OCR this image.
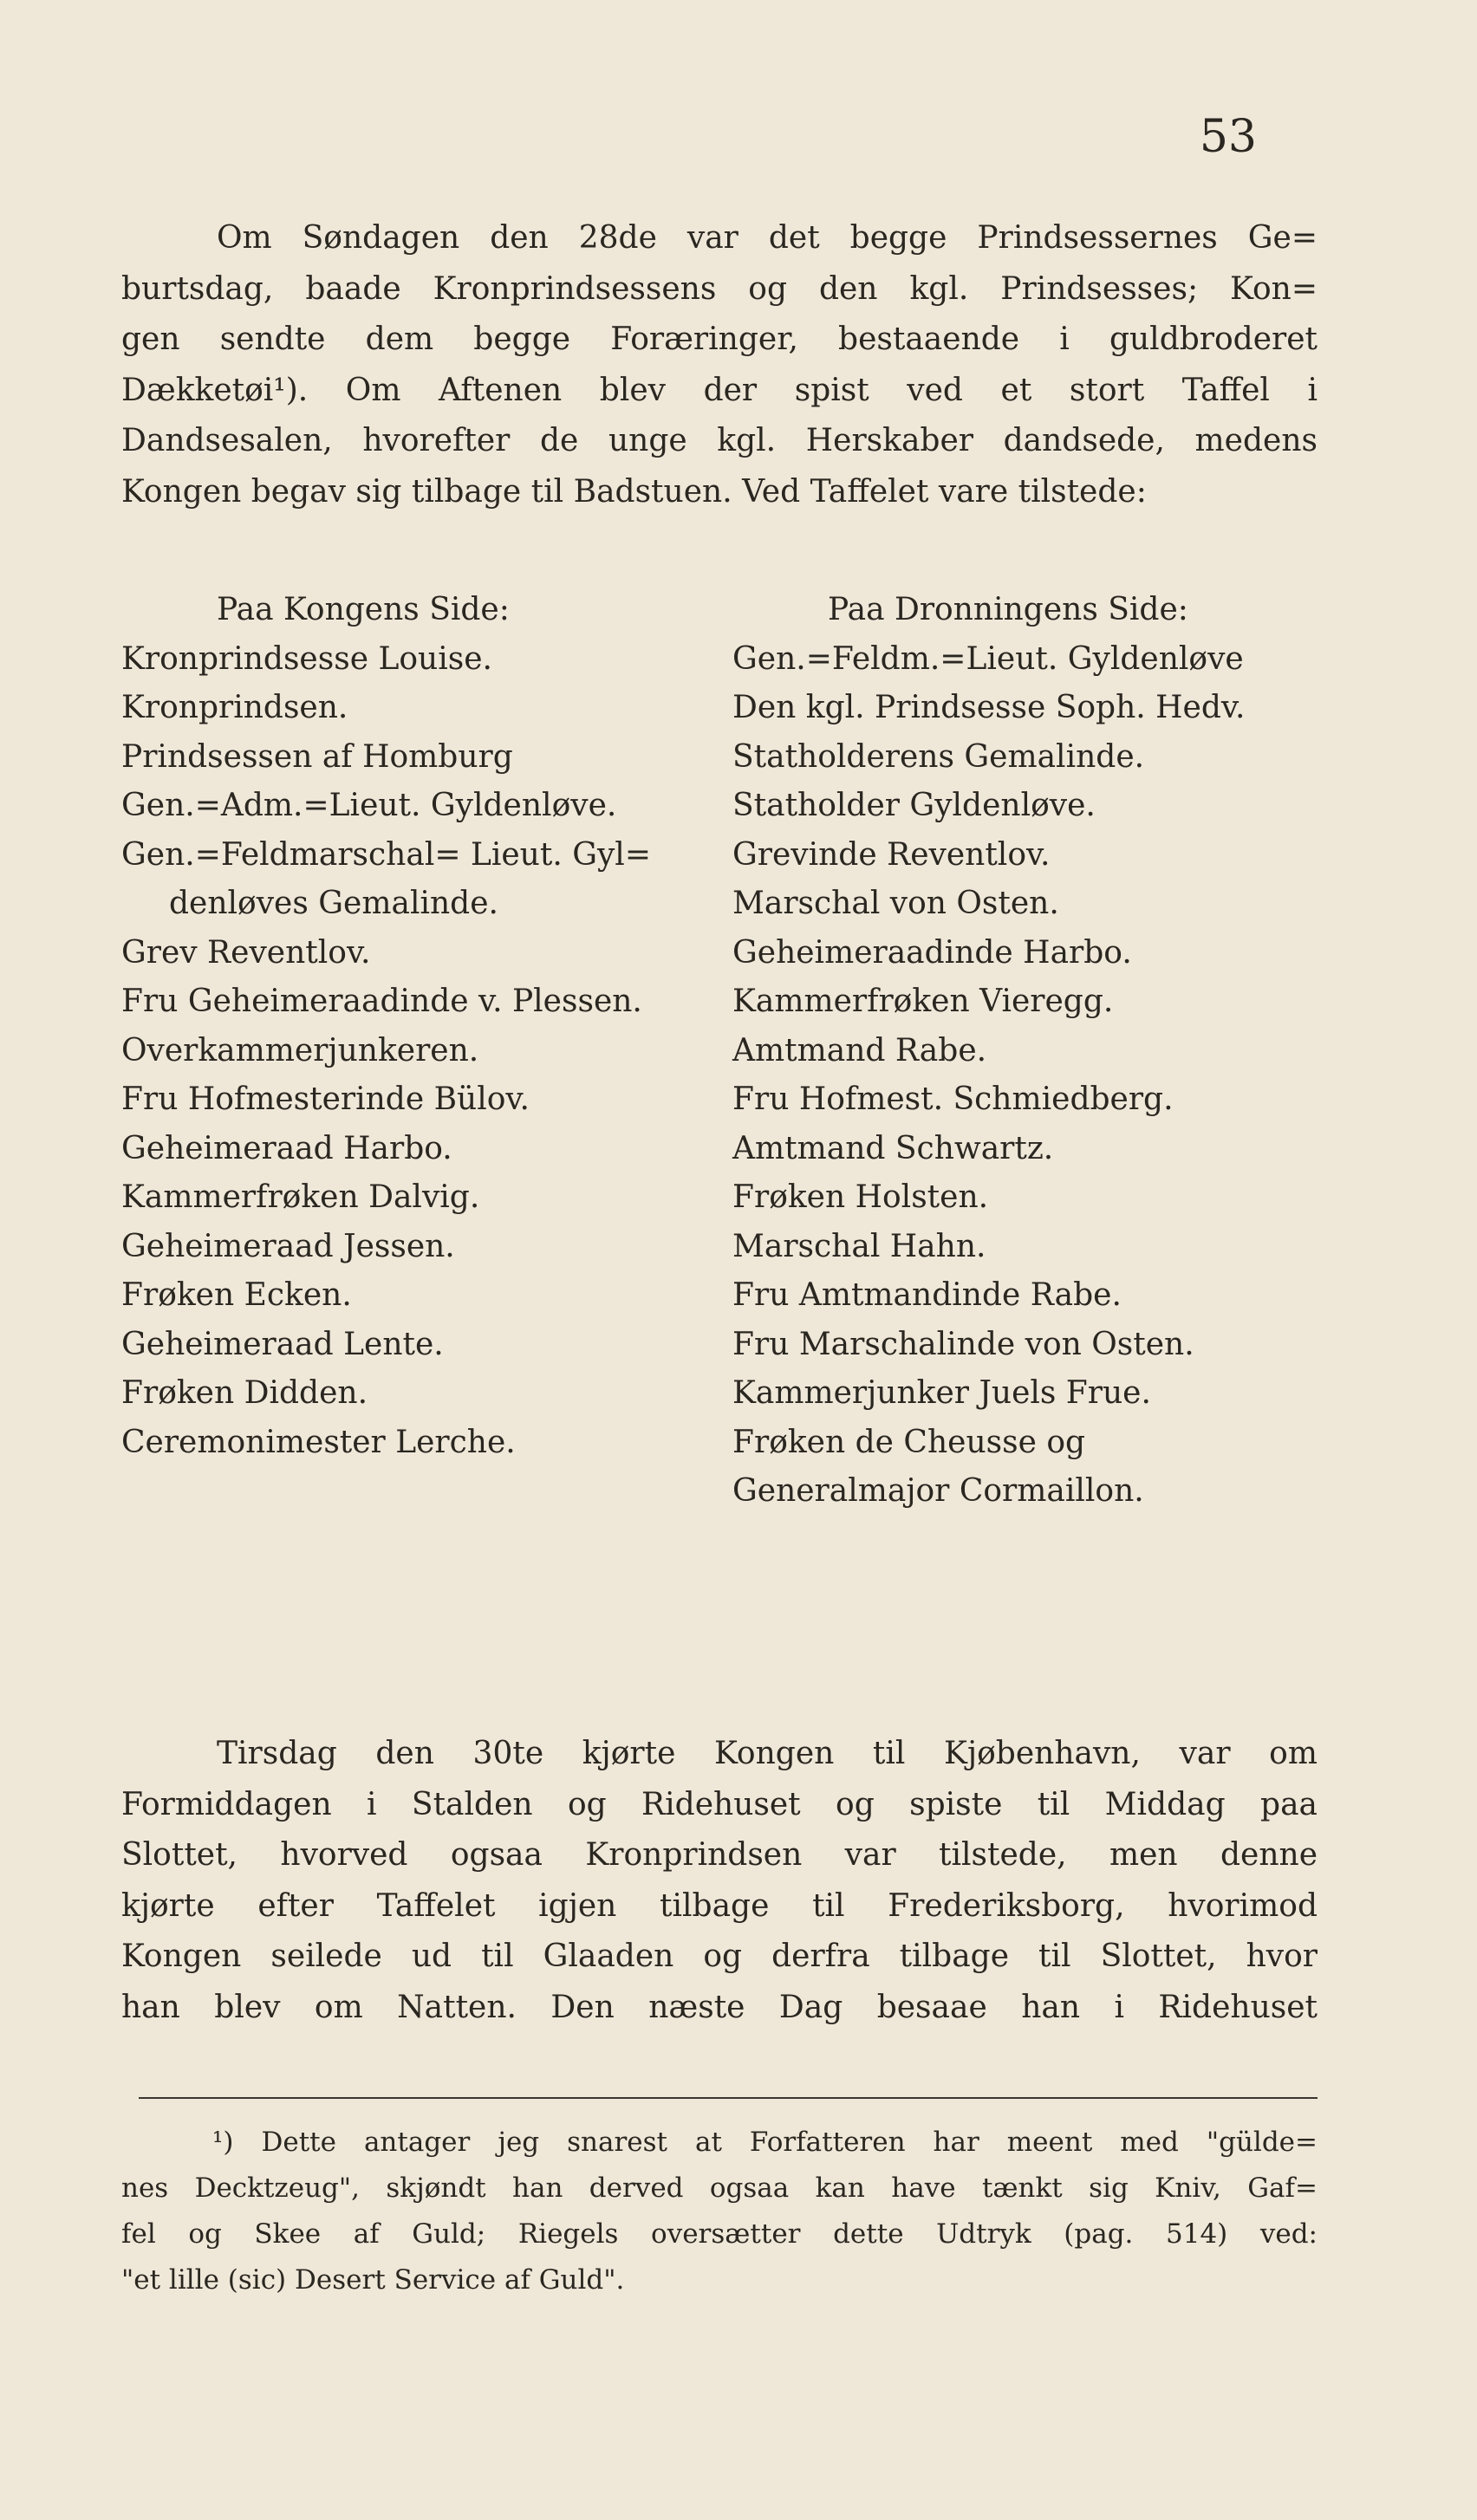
53
Om Søndagen den 28de var det begge Prindsessernes Ge=
burtsdag, baade Kronprindsessens og den kgl. Prindsesses; Kon=
gen sendte dem begge Foræringer, bestaaende i guldbroderet
Dækketøi¹). Om Aftenen blev der spist ved et stort Taffel i
Dandsesalen, hvorefter de unge kgl. Herskaber dandsede, medens
Kongen begav sig tilbage til Badstuen. Ved Taffelet vare tilstede:
Paa Kongens Side:
Kronprindsesse Louise.
Kronprindsen.
Prindsessen af Homburg
Gen.=Adm.=Lieut. Gyldenløve.
Gen.=Feldmarschal= Lieut. Gyl=
denløves Gemalinde.
Grev Reventlov.
Fru Geheimeraadinde v. Plessen.
Overkammerjunkeren.
Fru Hofmesterinde Bülov.
Geheimeraad Harbo.
Kammerfrøken Dalvig.
Geheimeraad Jessen.
Frøken Ecken.
Geheimeraad Lente.
Frøken Didden.
Ceremonimester Lerche.
Paa Dronningens Side:
Gen.=Feldm.=Lieut. Gyldenløve
Den kgl. Prindsesse Soph. Hedv.
Statholderens Gemalinde.
Statholder Gyldenløve.
Grevinde Reventlov.
Marschal von Osten.
Geheimeraadinde Harbo.
Kammerfrøken Vieregg.
Amtmand Rabe.
Fru Hofmest. Schmiedberg.
Amtmand Schwartz.
Frøken Holsten.
Marschal Hahn.
Fru Amtmandinde Rabe.
Fru Marschalinde von Osten.
Kammerjunker Juels Frue.
Frøken de Cheusse og
Generalmajor Cormaillon.
Tirsdag den 30te kjørte Kongen til Kjøbenhavn, var om
Formiddagen i Stalden og Ridehuset og spiste til Middag paa
Slottet, hvorved ogsaa Kronprindsen var tilstede, men denne
kjørte efter Taffelet igjen tilbage til Frederiksborg, hvorimod
Kongen seilede ud til Glaaden og derfra tilbage til Slottet, hvor
han blev om Natten. Den næste Dag besaae han i Ridehuset
¹) Dette antager jeg snarest at Forfatteren har meent med "gülde=
nes Decktzeug", skjøndt han derved ogsaa kan have tænkt sig Kniv, Gaf=
fel og Skee af Guld; Riegels oversætter dette Udtryk (pag. 514) ved:
"et lille (sic) Desert Service af Guld".
